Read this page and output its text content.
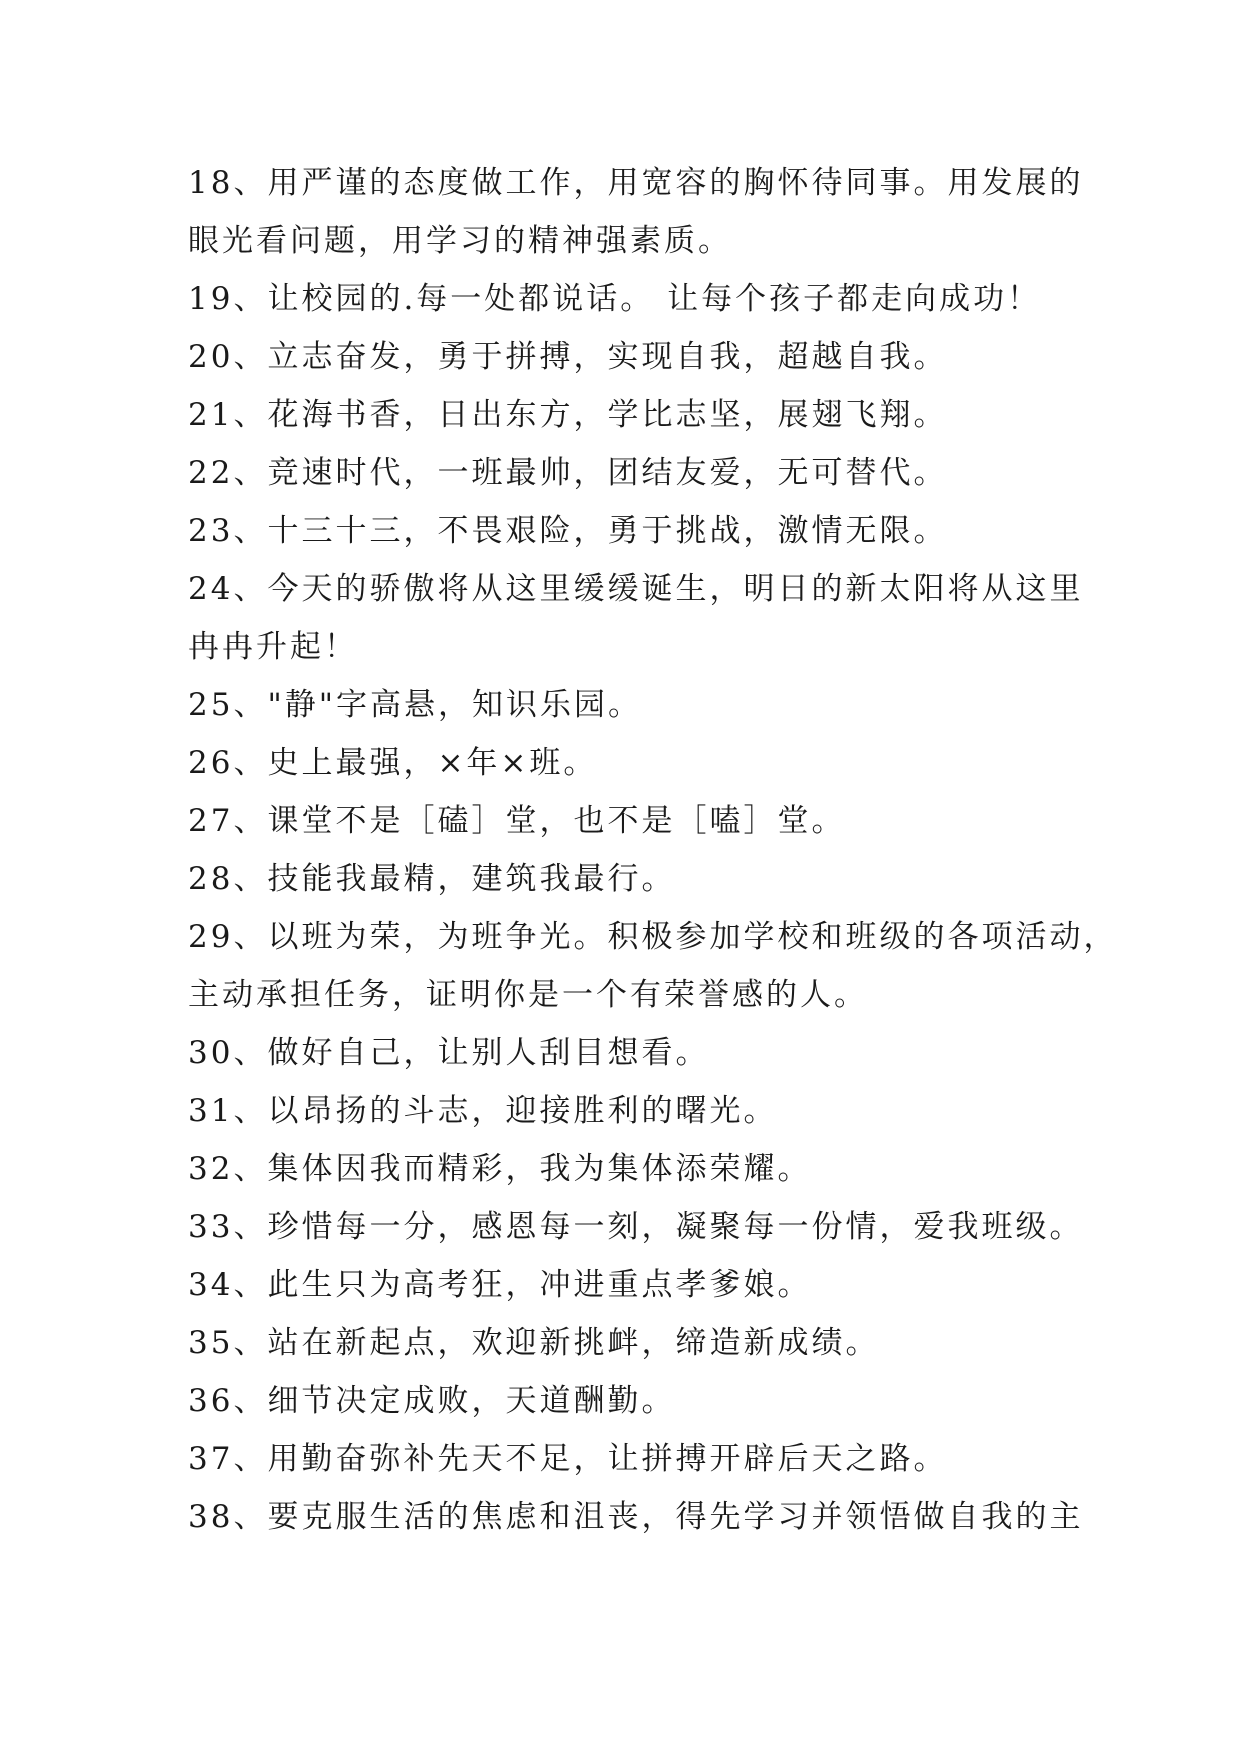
18、用严谨的态度做工作，用宽容的胸怀待同事。用发展的
眼光看问题，用学习的精神强素质。
19、让校园的.每一处都说话。 让每个孩子都走向成功！
20、立志奋发，勇于拼搏，实现自我，超越自我。
21、花海书香，日出东方，学比志坚，展翅飞翔。
22、竞速时代，一班最帅，团结友爱，无可替代。
23、十三十三，不畏艰险，勇于挑战，激情无限。
24、今天的骄傲将从这里缓缓诞生，明日的新太阳将从这里
冉冉升起！
25、"静"字高悬，知识乐园。
26、史上最强，×年×班。
27、课堂不是［磕］堂，也不是［嗑］堂。
28、技能我最精，建筑我最行。
29、以班为荣，为班争光。积极参加学校和班级的各项活动，
主动承担任务，证明你是一个有荣誉感的人。
30、做好自己，让别人刮目想看。
31、以昂扬的斗志，迎接胜利的曙光。
32、集体因我而精彩，我为集体添荣耀。
33、珍惜每一分，感恩每一刻，凝聚每一份情，爱我班级。
34、此生只为高考狂，冲进重点孝爹娘。
35、站在新起点，欢迎新挑衅，缔造新成绩。
36、细节决定成败，天道酬勤。
37、用勤奋弥补先天不足，让拼搏开辟后天之路。
38、要克服生活的焦虑和沮丧，得先学习并领悟做自我的主
